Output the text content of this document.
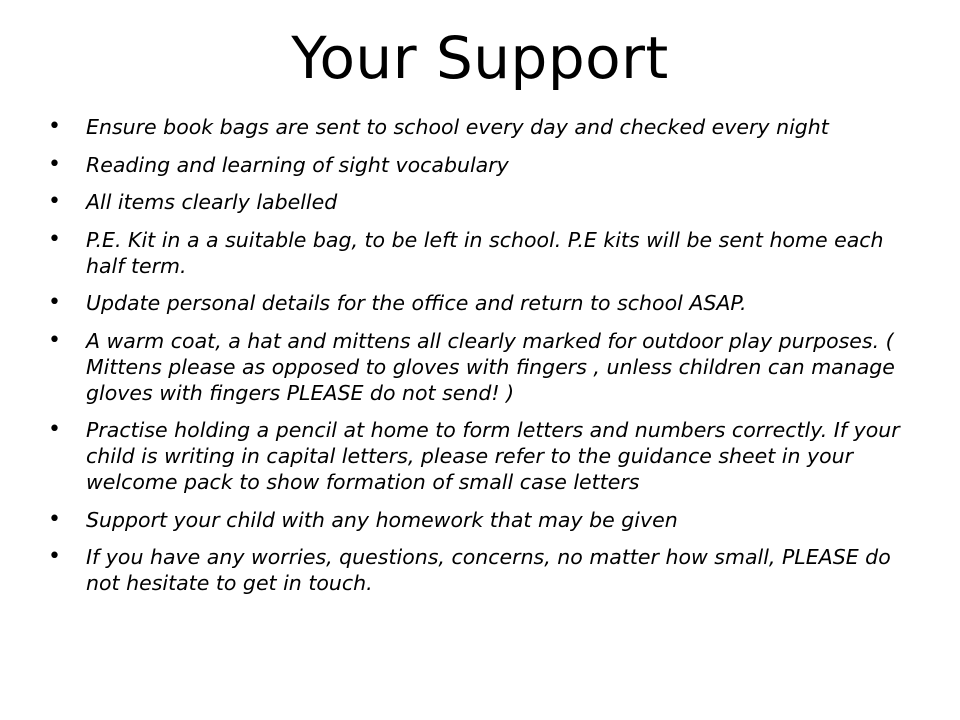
Your Support
•	Ensure book bags are sent to school every day and checked every night
•	Reading and learning of sight vocabulary
•	All items clearly labelled
•	P.E. Kit in a a suitable bag, to be left in school. P.E kits will be sent home each half term.
•	Update personal details for the office and return to school ASAP.
•	A warm coat, a hat and mittens all clearly marked for outdoor play purposes. ( Mittens please as opposed to gloves with fingers , unless children can manage gloves with fingers PLEASE do not send! )
•	Practise holding a pencil at home to form letters and numbers correctly. If your child is writing in capital letters, please refer to the guidance sheet in your welcome pack to show formation of small case letters
•	Support your child with any homework that may be given
•	If you have any worries, questions, concerns, no matter how small, PLEASE do not hesitate to get in touch.
